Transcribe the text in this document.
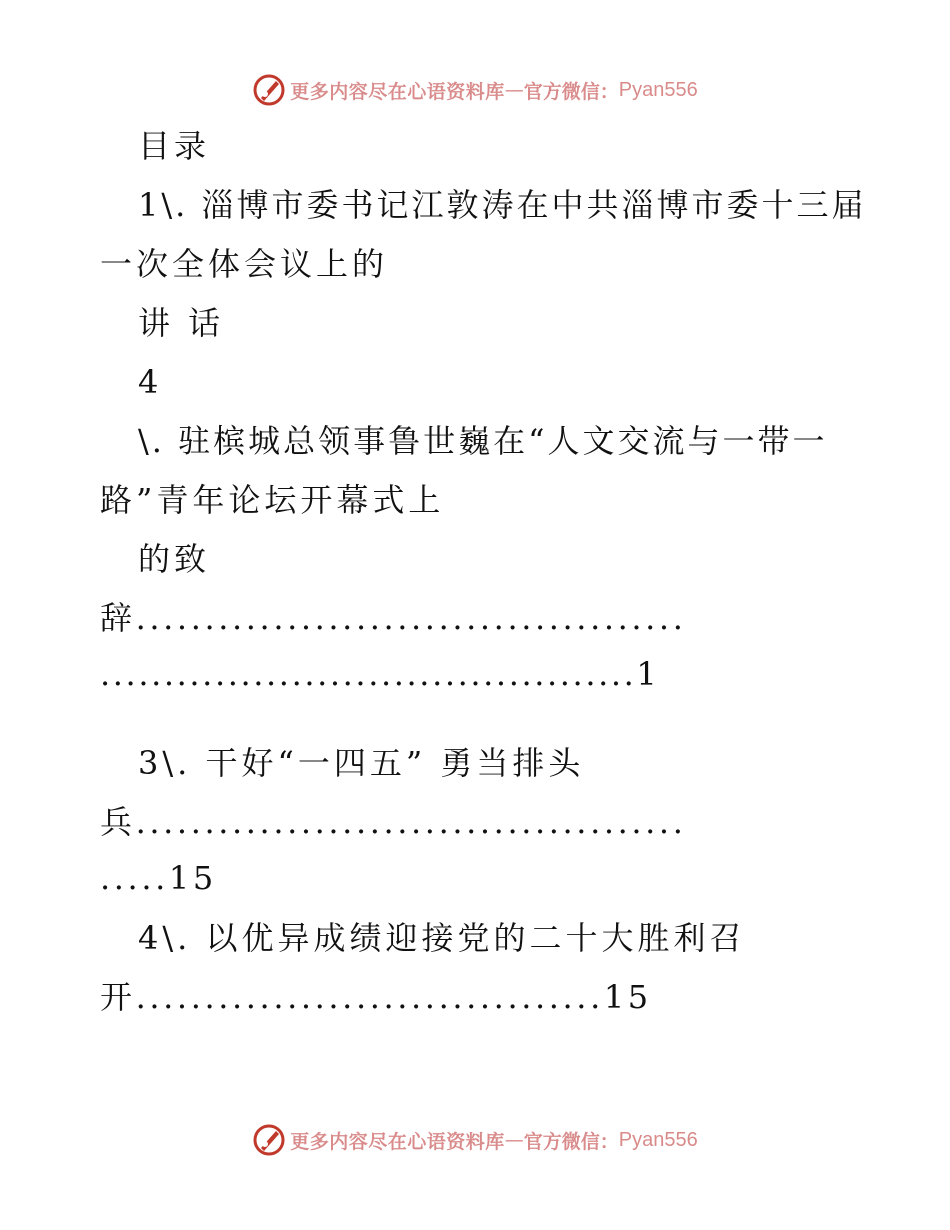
更多内容尽在心语资料库 — 官方微信： Pyan556
目录
1\. 淄博市委书记江敦涛在中共淄博市委十三届
一次全体会议上的
讲 话
4
\. 驻槟城总领事鲁世巍在“人文交流与一带一
路”青年论坛开幕式上
的致
辞........................................
..........................................1
3\. 干好“一四五” 勇当排头
兵........................................
.....15
4\. 以优异成绩迎接党的二十大胜利召
开..................................15
更多内容尽在心语资料库 — 官方微信： Pyan556
